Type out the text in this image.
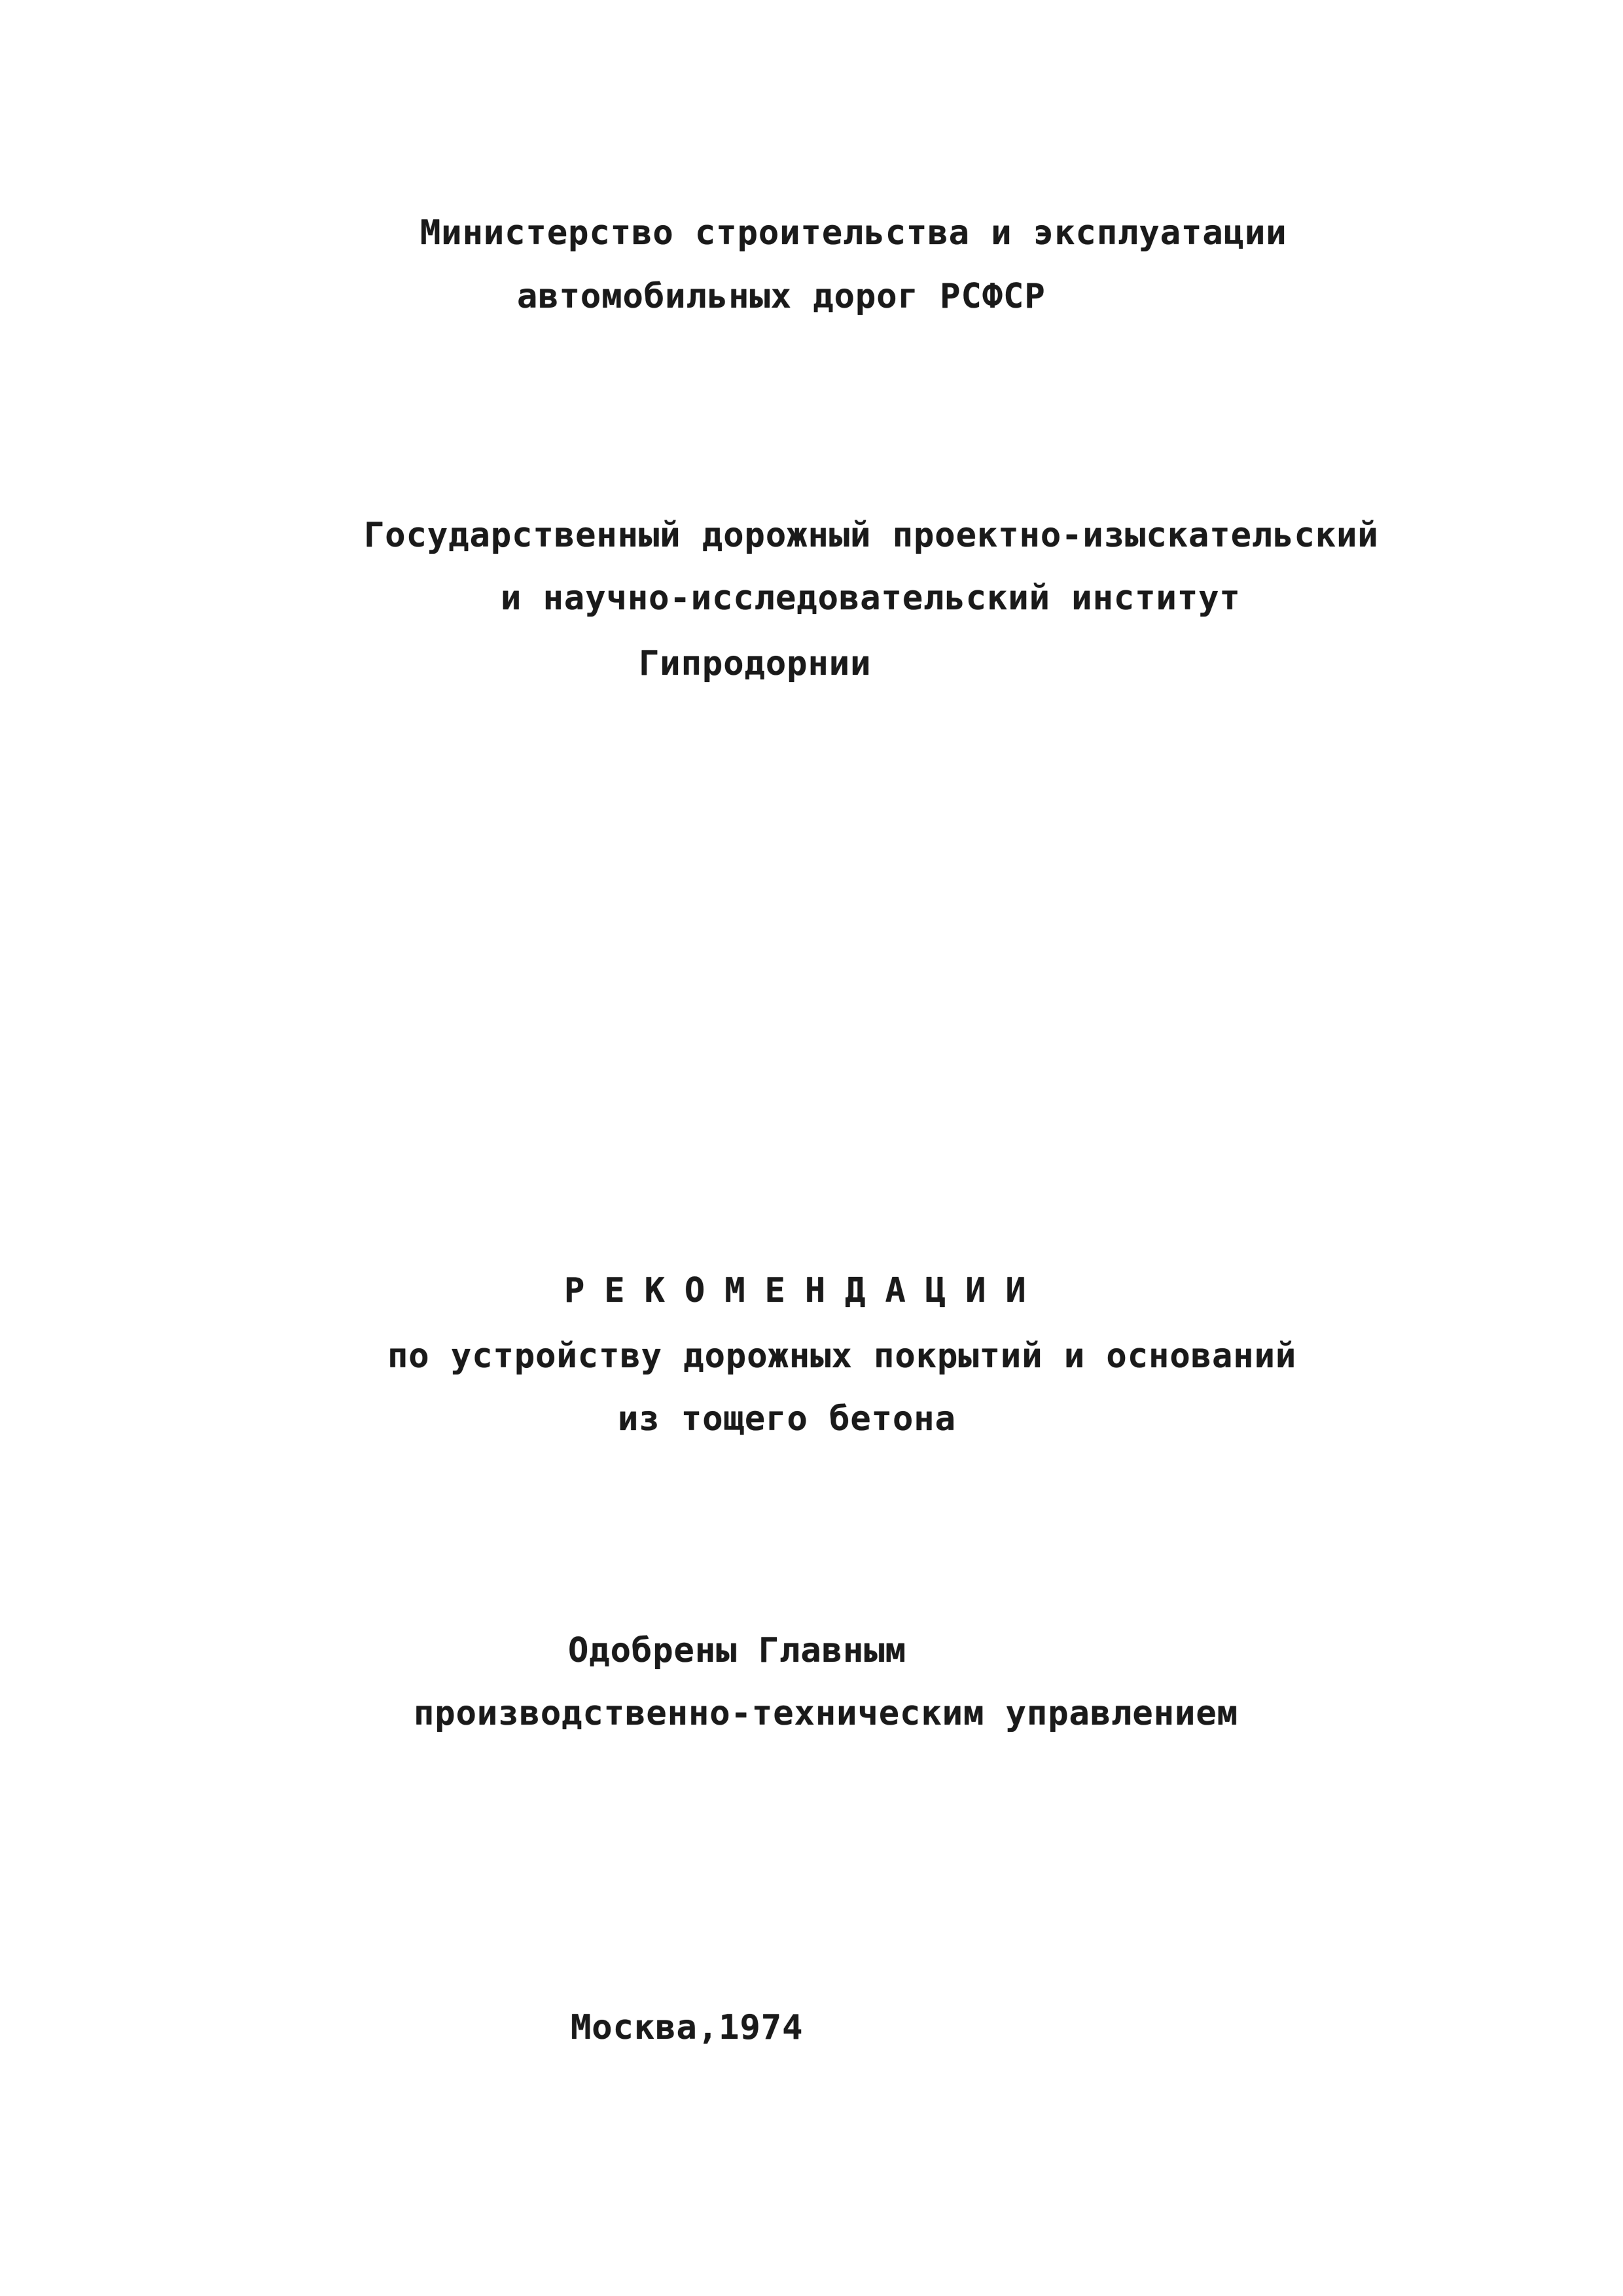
Министерство строительства и эксплуатации
автомобильных дорог РСФСР
Государственный дорожный проектно-изыскательский
и научно-исследовательский институт
Гипродорнии
РЕКОМЕНДАЦИИ
по устройству дорожных покрытий и оснований
из тощего бетона
Одобрены Главным
производственно-техническим управлением
Москва,1974
